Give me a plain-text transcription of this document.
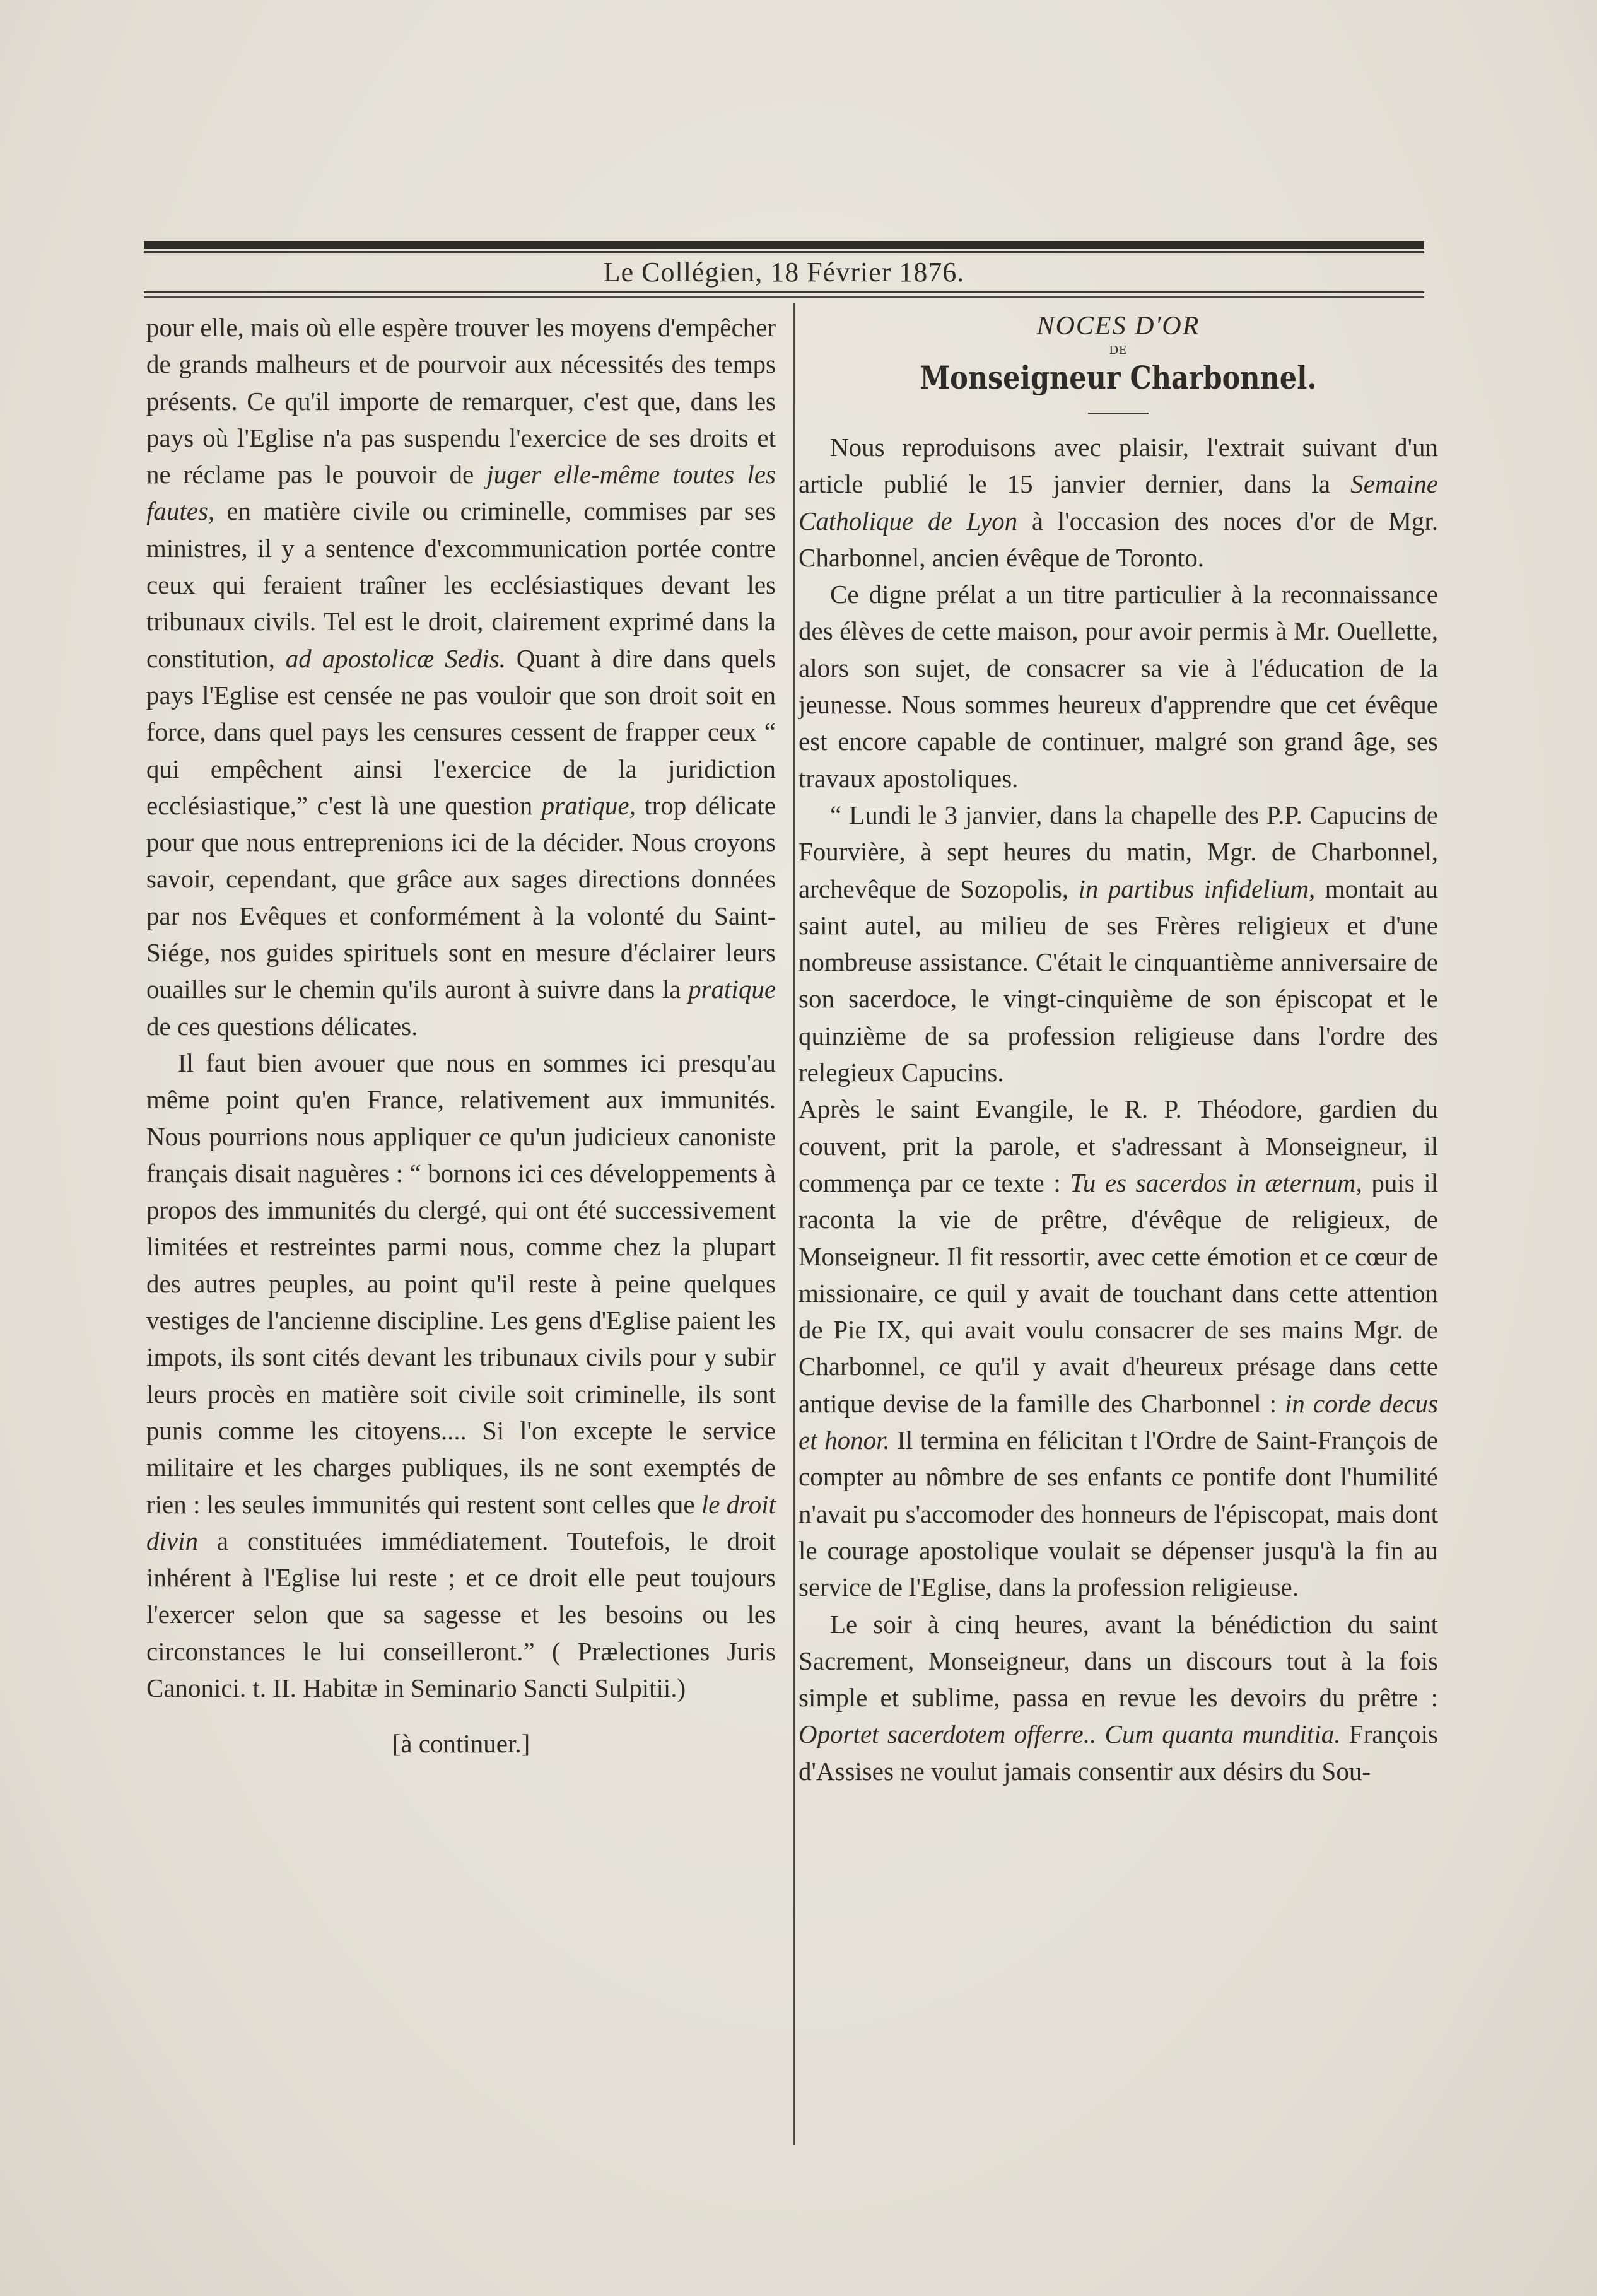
Le Collégien, 18 Février 1876.

pour elle, mais où elle espère trouver les moyens d'empêcher de grands malheurs et de pourvoir aux nécessités des temps présents. Ce qu'il importe de remarquer, c'est que, dans les pays où l'Eglise n'a pas suspendu l'exercice de ses droits et ne réclame pas le pouvoir de juger elle-même toutes les fautes, en matière civile ou criminelle, commises par ses ministres, il y a sentence d'excommunication portée contre ceux qui feraient traîner les ecclésiastiques devant les tribunaux civils. Tel est le droit, clairement exprimé dans la constitution, ad apostolicæ Sedis. Quant à dire dans quels pays l'Eglise est censée ne pas vouloir que son droit soit en force, dans quel pays les censures cessent de frapper ceux “ qui empêchent ainsi l'exercice de la juridiction ecclésiastique,” c'est là une question pratique, trop délicate pour que nous entreprenions ici de la décider. Nous croyons savoir, cependant, que grâce aux sages directions données par nos Evêques et conformément à la volonté du Saint-Siége, nos guides spirituels sont en mesure d'éclairer leurs ouailles sur le chemin qu'ils auront à suivre dans la pratique de ces questions délicates.

Il faut bien avouer que nous en sommes ici presqu'au même point qu'en France, relativement aux immunités. Nous pourrions nous appliquer ce qu'un judicieux canoniste français disait naguères : “ bornons ici ces développements à propos des immunités du clergé, qui ont été successivement limitées et restreintes parmi nous, comme chez la plupart des autres peuples, au point qu'il reste à peine quelques vestiges de l'ancienne discipline. Les gens d'Eglise paient les impots, ils sont cités devant les tribunaux civils pour y subir leurs procès en matière soit civile soit criminelle, ils sont punis comme les citoyens.... Si l'on excepte le service militaire et les charges publiques, ils ne sont exemptés de rien : les seules immunités qui restent sont celles que le droit divin a constituées immédiatement. Toutefois, le droit inhérent à l'Eglise lui reste ; et ce droit elle peut toujours l'exercer selon que sa sagesse et les besoins ou les circonstances le lui conseilleront.” ( Prælectiones Juris Canonici. t. II. Habitæ in Seminario Sancti Sulpitii.)

[à continuer.]

NOCES D'OR

DE

Monseigneur Charbonnel.

Nous reproduisons avec plaisir, l'extrait suivant d'un article publié le 15 janvier dernier, dans la Semaine Catholique de Lyon à l'occasion des noces d'or de Mgr. Charbonnel, ancien évêque de Toronto.

Ce digne prélat a un titre particulier à la reconnaissance des élèves de cette maison, pour avoir permis à Mr. Ouellette, alors son sujet, de consacrer sa vie à l'éducation de la jeunesse. Nous sommes heureux d'apprendre que cet évêque est encore capable de continuer, malgré son grand âge, ses travaux apostoliques.

“ Lundi le 3 janvier, dans la chapelle des P.P. Capucins de Fourvière, à sept heures du matin, Mgr. de Charbonnel, archevêque de Sozopolis, in partibus infidelium, montait au saint autel, au milieu de ses Frères religieux et d'une nombreuse assistance. C'était le cinquantième anniversaire de son sacerdoce, le vingt-cinquième de son épiscopat et le quinzième de sa profession religieuse dans l'ordre des relegieux Capucins.

Après le saint Evangile, le R. P. Théodore, gardien du couvent, prit la parole, et s'adressant à Monseigneur, il commença par ce texte : Tu es sacerdos in æternum, puis il raconta la vie de prêtre, d'évêque de religieux, de Monseigneur. Il fit ressortir, avec cette émotion et ce cœur de missionaire, ce quil y avait de touchant dans cette attention de Pie IX, qui avait voulu consacrer de ses mains Mgr. de Charbonnel, ce qu'il y avait d'heureux présage dans cette antique devise de la famille des Charbonnel : in corde decus et honor. Il termina en félicitan t l'Ordre de Saint-François de compter au nômbre de ses enfants ce pontife dont l'humilité n'avait pu s'accomoder des honneurs de l'épiscopat, mais dont le courage apostolique voulait se dépenser jusqu'à la fin au service de l'Eglise, dans la profession religieuse.

Le soir à cinq heures, avant la bénédiction du saint Sacrement, Monseigneur, dans un discours tout à la fois simple et sublime, passa en revue les devoirs du prêtre : Oportet sacerdotem offerre.. Cum quanta munditia. François d'Assises ne voulut jamais consentir aux désirs du Sou-
